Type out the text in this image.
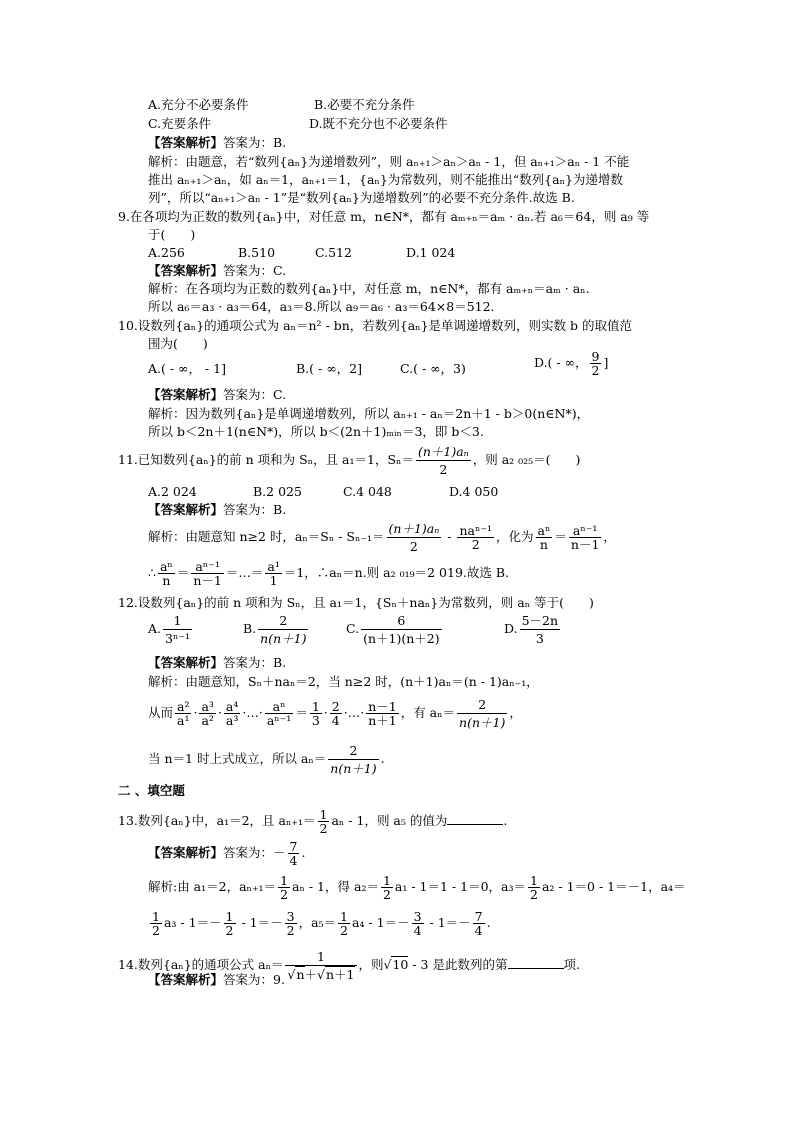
A.充分不必要条件	B.必要不充分条件
C.充要条件	D.既不充分也不必要条件
【答案解析】答案为：B.
解析：由题意，若“数列{aₙ}为递增数列”，则 aₙ₊₁＞aₙ＞aₙ - 1，但 aₙ₊₁＞aₙ - 1 不能
推出 aₙ₊₁＞aₙ，如 aₙ＝1，aₙ₊₁＝1，{aₙ}为常数列，则不能推出“数列{aₙ}为递增数
列”，所以“aₙ₊₁＞aₙ - 1”是“数列{aₙ}为递增数列”的必要不充分条件.故选 B.
9.在各项均为正数的数列{aₙ}中，对任意 m，n∈N*，都有 aₘ₊ₙ＝aₘ · aₙ.若 a₆＝64，则 a₉ 等
于(　　)
A.256	B.510	C.512	D.1 024
【答案解析】答案为：C.
解析：在各项均为正数的数列{aₙ}中，对任意 m，n∈N*，都有 aₘ₊ₙ＝aₘ · aₙ.
所以 a₆＝a₃ · a₃＝64，a₃＝8.所以 a₉＝a₆ · a₃＝64×8＝512.
10.设数列{aₙ}的通项公式为 aₙ＝n² - bn，若数列{aₙ}是单调递增数列，则实数 b 的取值范
围为(　　)
A.( - ∞， - 1]	B.( - ∞，2]	C.( - ∞，3)	D.( - ∞， $\frac{9}{2}$ ]
【答案解析】答案为：C.
解析：因为数列{aₙ}是单调递增数列，所以 aₙ₊₁ - aₙ＝2n＋1 - b＞0(n∈N*)，
所以 b＜2n＋1(n∈N*)，所以 b＜(2n＋1)ₘᵢₙ＝3，即 b＜3.
11.已知数列{aₙ}的前 n 项和为 Sₙ，且 a₁＝1，$S_n= \frac{\text{(n＋1)aₙ}}{2}$ ，则 a₂ ₀₂₅＝(　　)
A.2 024	B.2 025	C.4 048	D.4 050
【答案解析】答案为：B.
解析：由题意知 n≥2 时，$a_n=S_n - S_{n-1}= \frac{\text{(n＋1)aₙ}}{2} - \frac{\text{naⁿ⁻¹}}{2}$ ，化为 $\frac{\text{aⁿ}}{n} = \frac{\text{aⁿ⁻¹}}{n-1}$ ，
∴ $\frac{\text{aⁿ}}{n} = \frac{\text{aⁿ⁻¹}}{n-1}$ ＝…＝ $\frac{\text{a¹}}{1} =1$，∴aₙ＝n.则 a₂ ₀₁₉＝2 019.故选 B.
12.设数列{aₙ}的前 n 项和为 Sₙ，且 a₁＝1，{Sₙ＋naₙ}为常数列，则 aₙ 等于(　　)
A. $\frac{1}{\text{3ⁿ⁻¹}}$	B. $\frac{2}{n(n+1)}$	C. $\frac{6}{(n+1)(n+2)}$	D. $\frac{5-2n}{3}$
【答案解析】答案为：B.
解析：由题意知，Sₙ＋naₙ＝2，当 n≥2 时，(n＋1)aₙ＝(n - 1)aₙ₋₁，
从而 $\frac{\text{a²}}{\text{a¹}} \cdot \frac{\text{a³}}{\text{a²}} \cdot \frac{\text{a⁴}}{\text{a³}}$ ·…· $\frac{\text{aⁿ}}{\text{aⁿ⁻¹}} = \frac{1}{3} \cdot \frac{2}{4}$ ·…· $\frac{n-1}{n+1}$ ，有 $a_n= \frac{2}{n(n+1)}$ ，
当 n＝1 时上式成立，所以 $a_n= \frac{2}{n(n+1)}$ .
二 、填空题
13.数列{aₙ}中，a₁＝2，且 $a_{n+1}= \frac{1}{2}$ aₙ - 1，则 a₅ 的值为	.
【答案解析】答案为：－ $\frac{7}{4}$ .
解析:由 a₁＝2，$a_{n+1}= \frac{1}{2}$ aₙ - 1，得 $a_2= \frac{1}{2} a_1 - 1=1 - 1=0$，$a_3= \frac{1}{2} a_2 - 1=0 - 1=-1$，a₄＝
$\frac{1}{2} a_3 - 1=- \frac{1}{2} - 1=- \frac{3}{2}$ ，$a_5= \frac{1}{2} a_4 - 1=- \frac{3}{4} - 1=- \frac{7}{4}$ .
14.数列{aₙ}的通项公式 $a_n= \frac{1}{√n+√n+1}$ ，则√10 - 3 是此数列的第	项.
【答案解析】答案为：9.
